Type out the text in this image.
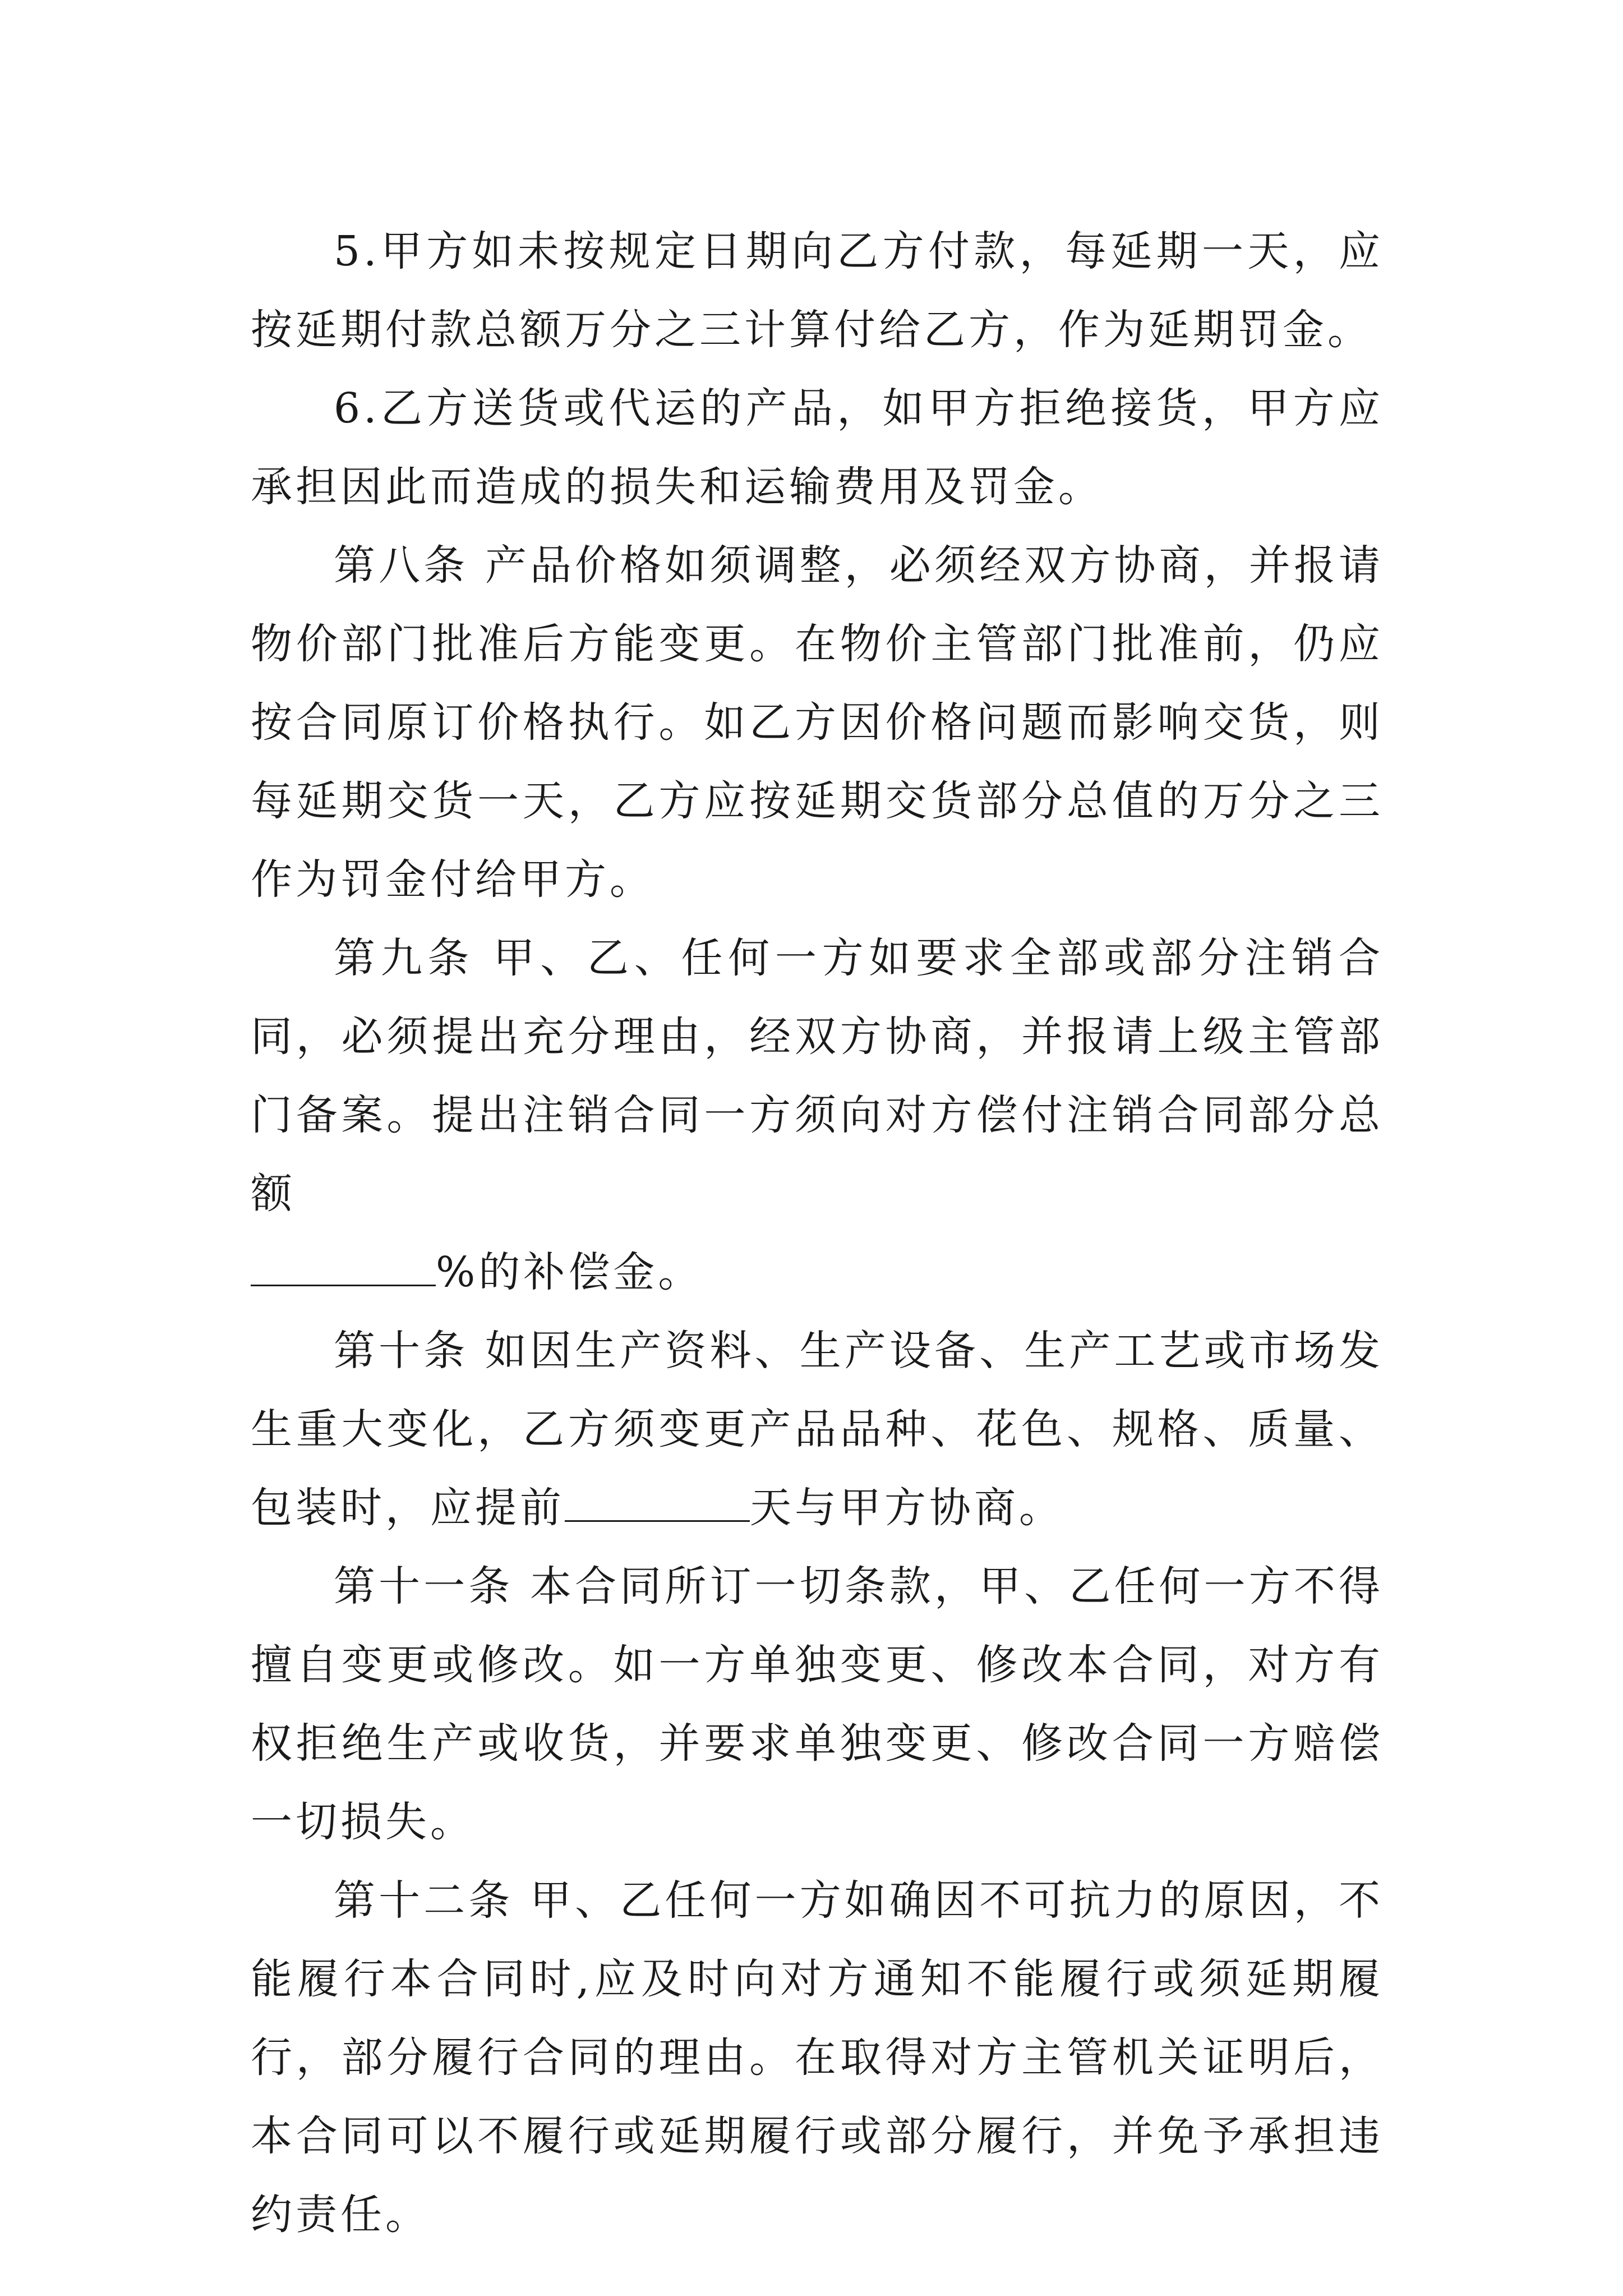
5.甲方如未按规定日期向乙方付款，每延期一天，应按延期付款总额万分之三计算付给乙方，作为延期罚金。

6.乙方送货或代运的产品，如甲方拒绝接货，甲方应承担因此而造成的损失和运输费用及罚金。

第八条 产品价格如须调整，必须经双方协商，并报请物价部门批准后方能变更。在物价主管部门批准前，仍应按合同原订价格执行。如乙方因价格问题而影响交货，则每延期交货一天，乙方应按延期交货部分总值的万分之三作为罚金付给甲方。

第九条 甲、乙、任何一方如要求全部或部分注销合同，必须提出充分理由，经双方协商，并报请上级主管部门备案。提出注销合同一方须向对方偿付注销合同部分总额
%的补偿金。

第十条 如因生产资料、生产设备、生产工艺或市场发生重大变化，乙方须变更产品品种、花色、规格、质量、包装时，应提前	天与甲方协商。

第十一条 本合同所订一切条款，甲、乙任何一方不得擅自变更或修改。如一方单独变更、修改本合同，对方有权拒绝生产或收货，并要求单独变更、修改合同一方赔偿一切损失。

第十二条 甲、乙任何一方如确因不可抗力的原因，不能履行本合同时,应及时向对方通知不能履行或须延期履行，部分履行合同的理由。在取得对方主管机关证明后，本合同可以不履行或延期履行或部分履行，并免予承担违约责任。
